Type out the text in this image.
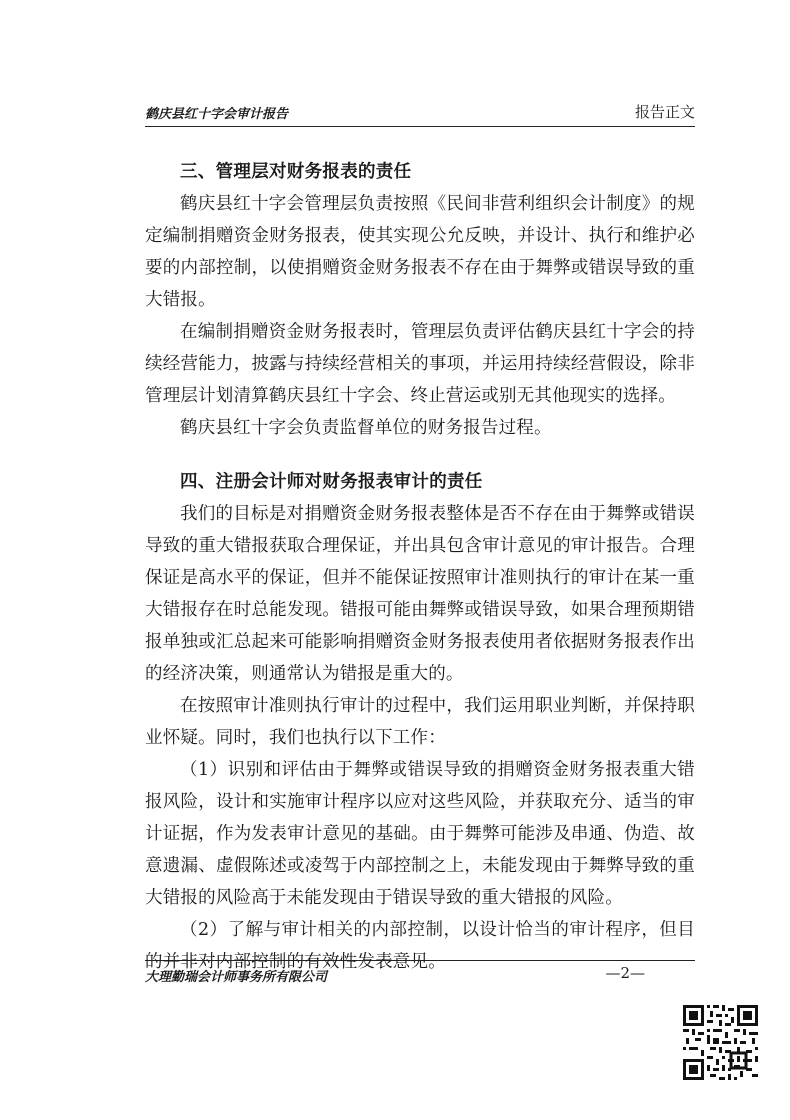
鹤庆县红十字会审计报告	报告正文
三、管理层对财务报表的责任

鹤庆县红十字会管理层负责按照《民间非营利组织会计制度》的规定编制捐赠资金财务报表，使其实现公允反映，并设计、执行和维护必要的内部控制，以使捐赠资金财务报表不存在由于舞弊或错误导致的重大错报。

在编制捐赠资金财务报表时，管理层负责评估鹤庆县红十字会的持续经营能力，披露与持续经营相关的事项，并运用持续经营假设，除非管理层计划清算鹤庆县红十字会、终止营运或别无其他现实的选择。

鹤庆县红十字会负责监督单位的财务报告过程。

四、注册会计师对财务报表审计的责任

我们的目标是对捐赠资金财务报表整体是否不存在由于舞弊或错误导致的重大错报获取合理保证，并出具包含审计意见的审计报告。合理保证是高水平的保证，但并不能保证按照审计准则执行的审计在某一重大错报存在时总能发现。错报可能由舞弊或错误导致，如果合理预期错报单独或汇总起来可能影响捐赠资金财务报表使用者依据财务报表作出的经济决策，则通常认为错报是重大的。

在按照审计准则执行审计的过程中，我们运用职业判断，并保持职业怀疑。同时，我们也执行以下工作：

（1）识别和评估由于舞弊或错误导致的捐赠资金财务报表重大错报风险，设计和实施审计程序以应对这些风险，并获取充分、适当的审计证据，作为发表审计意见的基础。由于舞弊可能涉及串通、伪造、故意遗漏、虚假陈述或凌驾于内部控制之上，未能发现由于舞弊导致的重大错报的风险高于未能发现由于错误导致的重大错报的风险。

（2）了解与审计相关的内部控制，以设计恰当的审计程序，但目的并非对内部控制的有效性发表意见。

大理勤瑞会计师事务所有限公司	—2—
